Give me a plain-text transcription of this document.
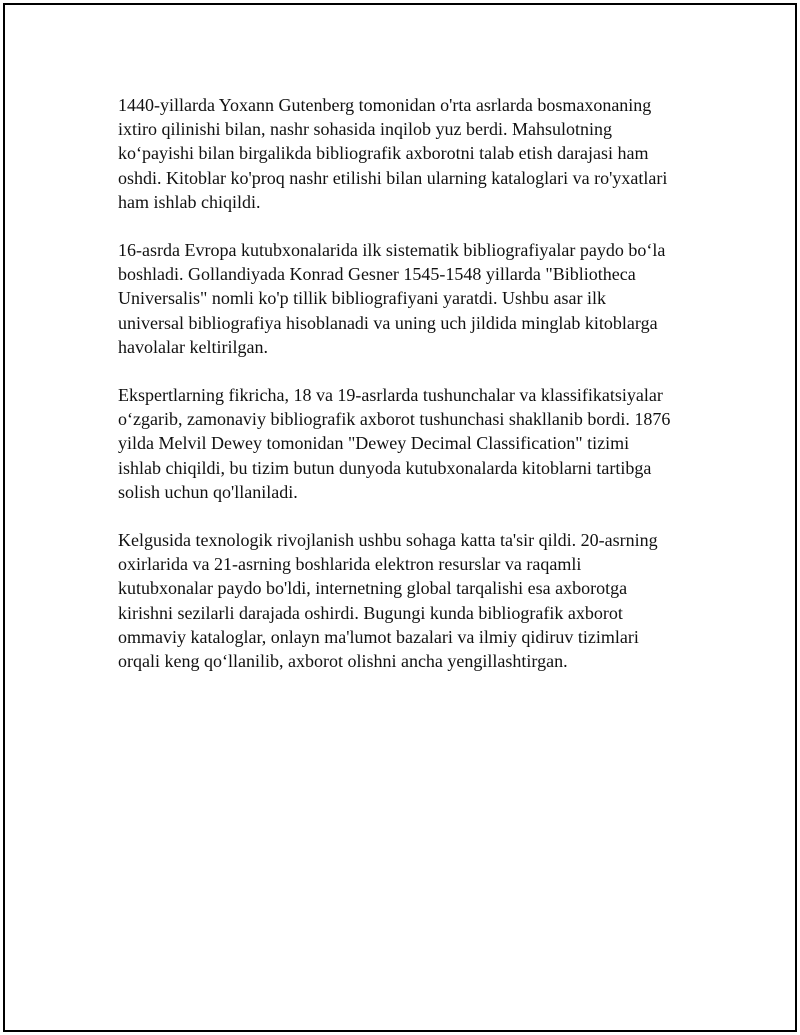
1440-yillarda Yoxann Gutenberg tomonidan o'rta asrlarda bosmaxonaning
ixtiro qilinishi bilan, nashr sohasida inqilob yuz berdi. Mahsulotning
ko‘payishi bilan birgalikda bibliografik axborotni talab etish darajasi ham
oshdi. Kitoblar ko'proq nashr etilishi bilan ularning kataloglari va ro'yxatlari
ham ishlab chiqildi.

16-asrda Evropa kutubxonalarida ilk sistematik bibliografiyalar paydo bo‘la
boshladi. Gollandiyada Konrad Gesner 1545-1548 yillarda "Bibliotheca
Universalis" nomli ko'p tillik bibliografiyani yaratdi. Ushbu asar ilk
universal bibliografiya hisoblanadi va uning uch jildida minglab kitoblarga
havolalar keltirilgan.

Ekspertlarning fikricha, 18 va 19-asrlarda tushunchalar va klassifikatsiyalar
o‘zgarib, zamonaviy bibliografik axborot tushunchasi shakllanib bordi. 1876
yilda Melvil Dewey tomonidan "Dewey Decimal Classification" tizimi
ishlab chiqildi, bu tizim butun dunyoda kutubxonalarda kitoblarni tartibga
solish uchun qo'llaniladi.

Kelgusida texnologik rivojlanish ushbu sohaga katta ta'sir qildi. 20-asrning
oxirlarida va 21-asrning boshlarida elektron resurslar va raqamli
kutubxonalar paydo bo'ldi, internetning global tarqalishi esa axborotga
kirishni sezilarli darajada oshirdi. Bugungi kunda bibliografik axborot
ommaviy kataloglar, onlayn ma'lumot bazalari va ilmiy qidiruv tizimlari
orqali keng qo‘llanilib, axborot olishni ancha yengillashtirgan.
